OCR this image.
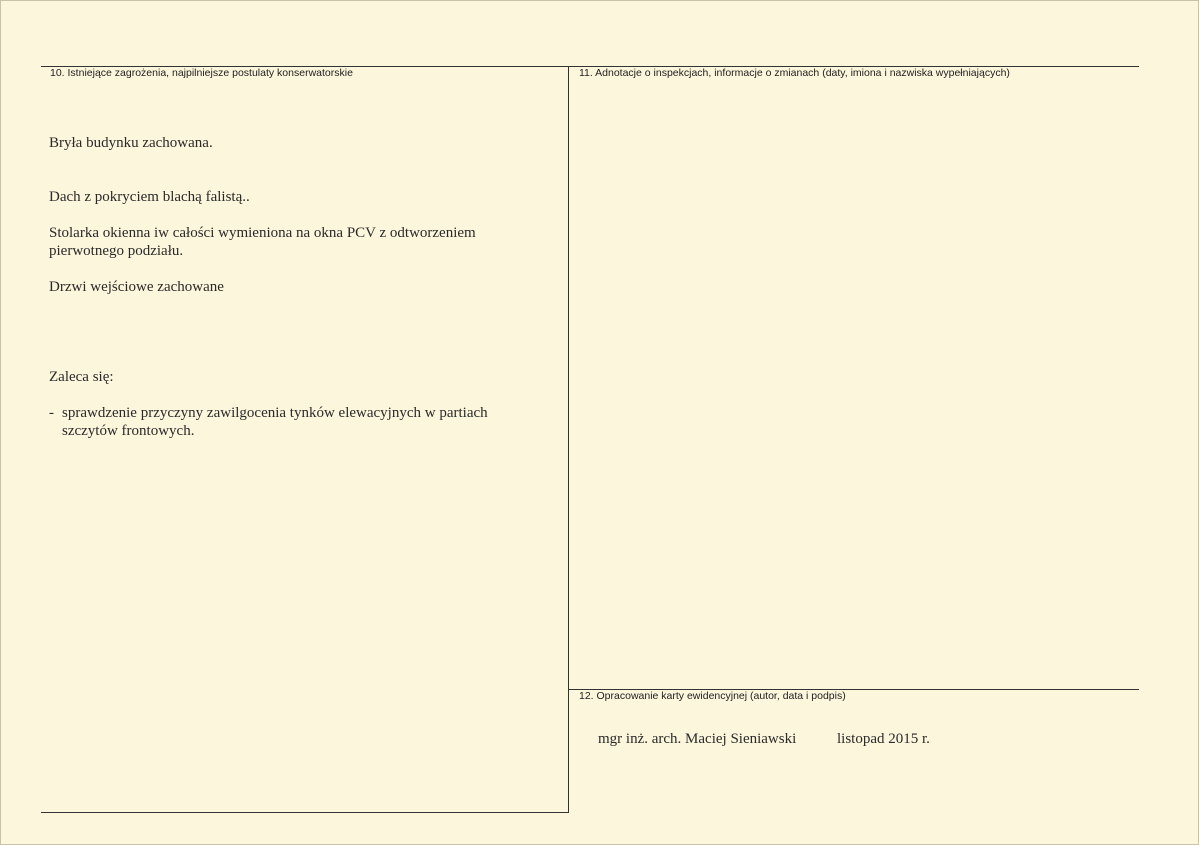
10. Istniejące zagrożenia, najpilniejsze postulaty konserwatorskie
Bryła budynku zachowana.
Dach z pokryciem blachą falistą..
Stolarka okienna iw całości wymieniona na okna PCV z odtworzeniem pierwotnego podziału.
Drzwi wejściowe zachowane
Zaleca się:
- sprawdzenie przyczyny zawilgocenia tynków elewacyjnych w partiach szczytów frontowych.
11. Adnotacje o inspekcjach, informacje o zmianach (daty, imiona i nazwiska wypełniających)
12. Opracowanie karty ewidencyjnej (autor, data i podpis)
mgr inż. arch. Maciej Sieniawski	listopad 2015 r.
